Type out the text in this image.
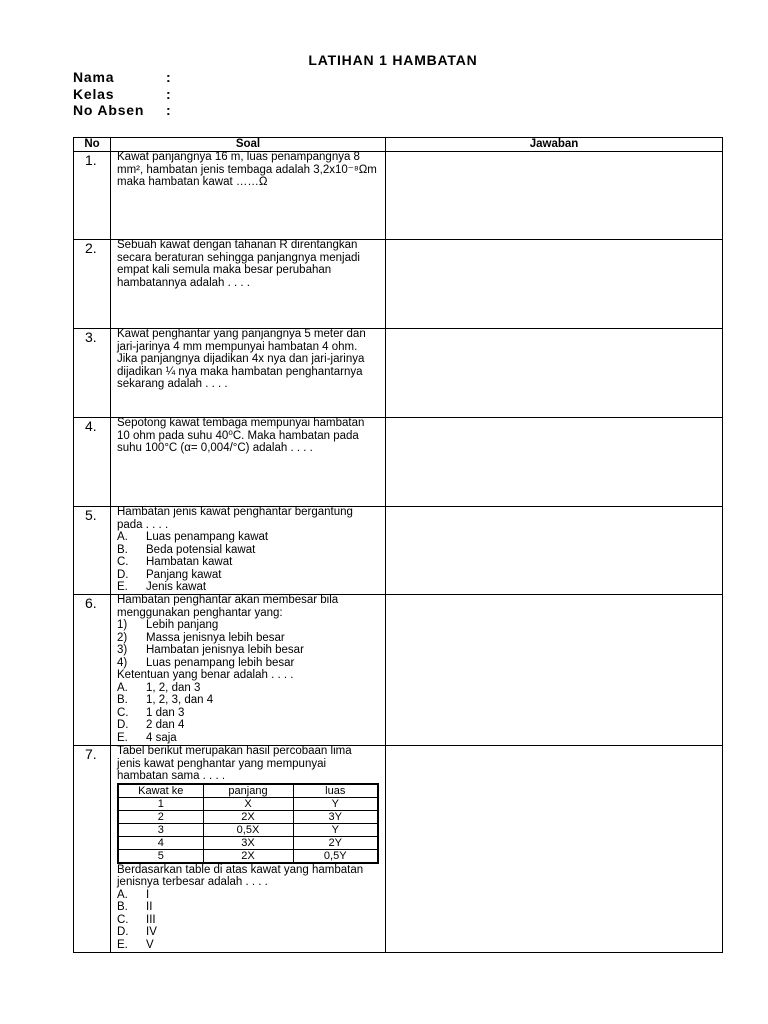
LATIHAN 1 HAMBATAN
Nama	:
Kelas	:
No Absen :
No	Soal	Jawaban
1.	Kawat panjangnya 16 m, luas penampangnya 8
mm², hambatan jenis tembaga adalah 3,2x10⁻⁸Ωm
maka hambatan kawat ……Ω
2.	Sebuah kawat dengan tahanan R direntangkan
secara beraturan sehingga panjangnya menjadi
empat kali semula maka besar perubahan
hambatannya adalah . . . .
3.	Kawat penghantar yang panjangnya 5 meter dan
jari-jarinya 4 mm mempunyai hambatan 4 ohm.
Jika panjangnya dijadikan 4x nya dan jari-jarinya
dijadikan ¼ nya maka hambatan penghantarnya
sekarang adalah . . . .
4.	Sepotong kawat tembaga mempunyai hambatan
10 ohm pada suhu 40⁰C. Maka hambatan pada
suhu 100°C (α= 0,004/°C) adalah . . . .
5.	Hambatan jenis kawat penghantar bergantung
pada . . . .
A. Luas penampang kawat
B. Beda potensial kawat
C. Hambatan kawat
D. Panjang kawat
E. Jenis kawat
6.	Hambatan penghantar akan membesar bila
menggunakan penghantar yang:
1) Lebih panjang
2) Massa jenisnya lebih besar
3) Hambatan jenisnya lebih besar
4) Luas penampang lebih besar
Ketentuan yang benar adalah . . . .
A. 1, 2, dan 3
B. 1, 2, 3, dan 4
C. 1 dan 3
D. 2 dan 4
E. 4 saja
7.	Tabel berikut merupakan hasil percobaan lima
jenis kawat penghantar yang mempunyai
hambatan sama . . . .
Kawat ke	panjang	luas
1	X	Y
2	2X	3Y
3	0,5X	Y
4	3X	2Y
5	2X	0,5Y
Berdasarkan table di atas kawat yang hambatan
jenisnya terbesar adalah . . . .
A. I
B. II
C. III
D. IV
E. V
